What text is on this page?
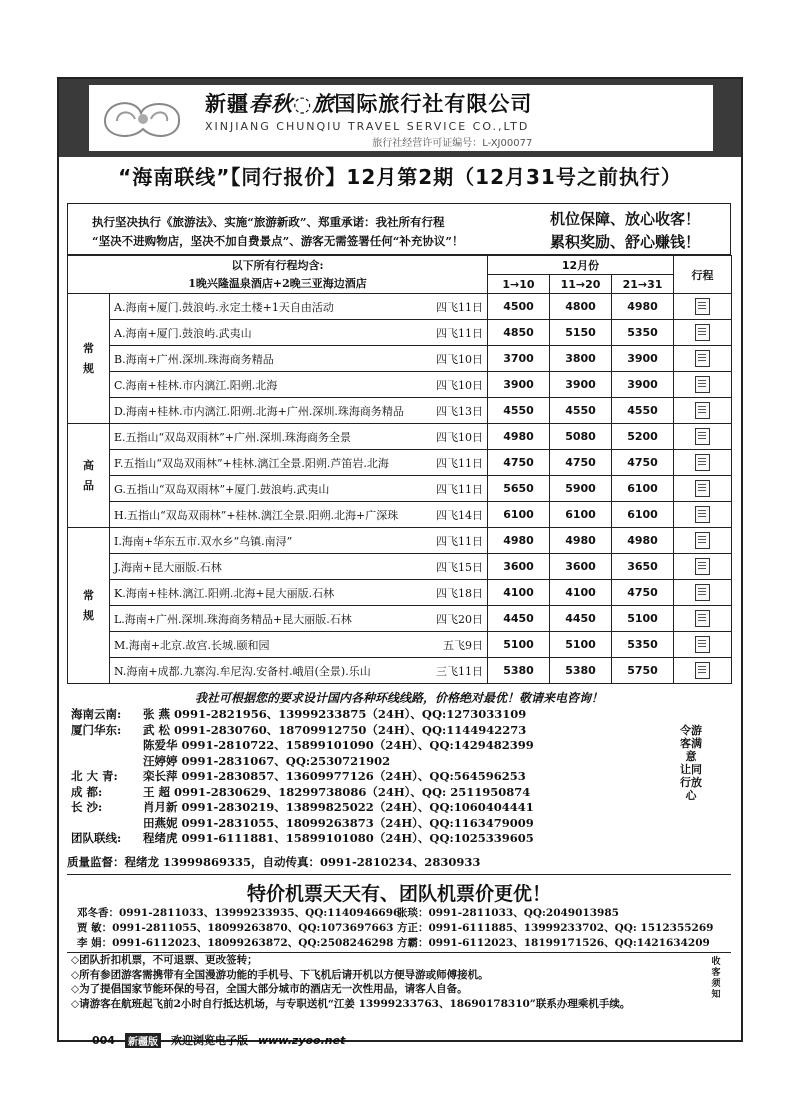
新疆春秋◌旅国际旅行社有限公司
XINJIANG CHUNQIU TRAVEL SERVICE CO.,LTD
旅行社经营许可证编号：L-XJ00077
“海南联线”【同行报价】12月第2期（12月31号之前执行）
执行坚决执行《旅游法》、实施“旅游新政”、郑重承诺：我社所有行程
“坚决不进购物店，坚决不加自费景点”、游客无需签署任何“补充协议”！
机位保障、放心收客！
累积奖励、舒心赚钱！
以下所有行程均含:
1晚兴隆温泉酒店+2晚三亚海边酒店		12月份			行程
		1→10	11→20	21→31	

常规	A.海南+厦门.鼓浪屿.永定土楼+1天自由活动 四飞11日	4500	4800	4980	

	A.海南+厦门.鼓浪屿.武夷山 四飞11日	4850	5150	5350	

	B.海南+广州.深圳.珠海商务精品 四飞10日	3700	3800	3900	

	C.海南+桂林.市内漓江.阳朔.北海 四飞10日	3900	3900	3900	

	D.海南+桂林.市内漓江.阳朔.北海+广州.深圳.珠海商务精品 四飞13日	4550	4550	4550	

高品	E.五指山“双岛双雨林”+广州.深圳.珠海商务全景 四飞10日	4980	5080	5200	

	F.五指山“双岛双雨林”+桂林.漓江全景.阳朔.芦笛岩.北海 四飞11日	4750	4750	4750	

	G.五指山“双岛双雨林”+厦门.鼓浪屿.武夷山 四飞11日	5650	5900	6100	

	H.五指山“双岛双雨林”+桂林.漓江全景.阳朔.北海+广深珠 四飞14日	6100	6100	6100	

常规	I.海南+华东五市.双水乡“乌镇.南浔” 四飞11日	4980	4980	4980	

	J.海南+昆大丽版.石林 四飞15日	3600	3600	3650	

	K.海南+桂林.漓江.阳朔.北海+昆大丽版.石林 四飞18日	4100	4100	4750	

	L.海南+广州.深圳.珠海商务精品+昆大丽版.石林 四飞20日	4450	4450	5100	

	M.海南+北京.故宫.长城.颐和园 五飞9日	5100	5100	5350	

	N.海南+成都.九寨沟.牟尼沟.安备村.峨眉(全景).乐山 三飞11日	5380	5380	5750	
我社可根据您的要求设计国内各种环线线路，价格绝对最优！敬请来电咨询！
海南云南: 张 燕 0991-2821956、13999233875（24H）、QQ:1273033109
厦门华东: 武 松 0991-2830760、18709912750（24H）、QQ:1144942273
陈爱华 0991-2810722、15899101090（24H）、QQ:1429482399
汪婷婷 0991-2831067、QQ:2530721902
北 大 青: 栾长萍 0991-2830857、13609977126（24H）、QQ:564596253
成 都:	王 超 0991-2830629、18299738086（24H）、QQ: 2511950874
长 沙:	肖月新 0991-2830219、13899825022（24H）、QQ:1060404441
田燕妮 0991-2831055、18099263873（24H）、QQ:1163479009
团队联线: 程绪虎 0991-6111881、15899101080（24H）、QQ:1025339605
令游客满意 让同行放心
质量监督：程绪龙 13999869335，自动传真：0991-2810234、2830933
特价机票天天有、团队机票价更优！
邓冬香：0991-2811033、13999233935、QQ:1140946696
贾 敏：0991-2811055、18099263870、QQ:1073697663
李 娟：0991-6112023、18099263872、QQ:2508246298
张琰：0991-2811033、QQ:2049013985
方正：0991-6111885、13999233702、QQ: 1512355269
方霸：0991-6112023、18199171526、QQ:1421634209
◇团队折扣机票，不可退票、更改签转；
◇所有参团游客需携带有全国漫游功能的手机号、下飞机后请开机以方便导游或师傅接机。
◇为了提倡国家节能环保的号召，全国大部分城市的酒店无一次性用品，请客人自备。
◇请游客在航班起飞前2小时自行抵达机场，与专职送机“江姜 13999233763、18690178310”联系办理乘机手续。
收客须知
004	新疆版 欢迎浏览电子版 www.zyoo.net
